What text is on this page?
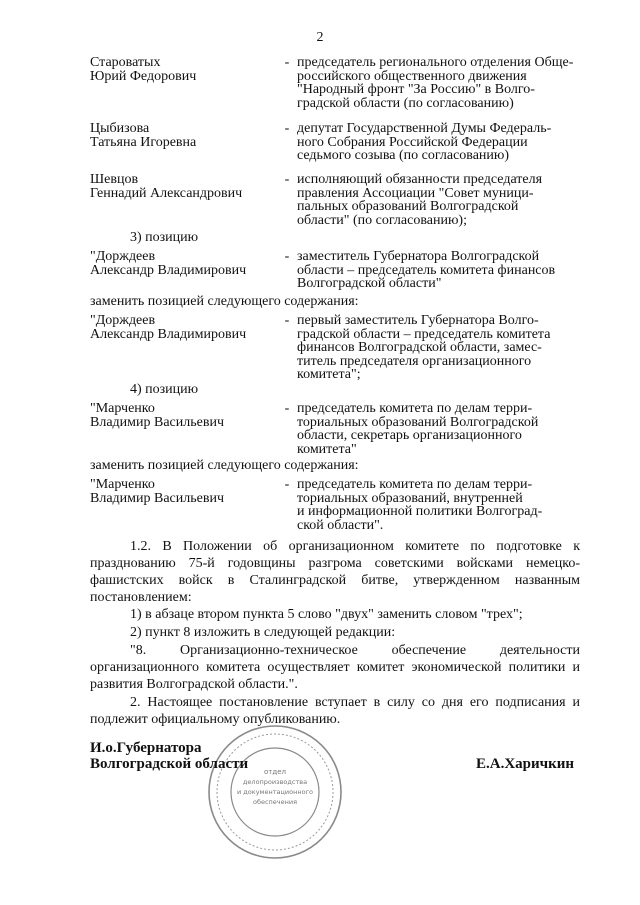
2
Староватых
Юрий Федорович
- председатель регионального отделения Обще-
российского общественного движения
"Народный фронт "За Россию" в Волго-
градской области (по согласованию)
Цыбизова
Татьяна Игоревна
- депутат Государственной Думы Федераль-
ного Собрания Российской Федерации
седьмого созыва (по согласованию)
Шевцов
Геннадий Александрович
- исполняющий обязанности председателя
правления Ассоциации "Совет муници-
пальных образований Волгоградской
области" (по согласованию);
3) позицию
"Дорждеев
Александр Владимирович
- заместитель Губернатора Волгоградской
области – председатель комитета финансов
Волгоградской области"
заменить позицией следующего содержания:
"Дорждеев
Александр Владимирович
- первый заместитель Губернатора Волго-
градской области – председатель комитета
финансов Волгоградской области, замес-
титель председателя организационного
комитета";
4) позицию
"Марченко
Владимир Васильевич
- председатель комитета по делам терри-
ториальных образований Волгоградской
области, секретарь организационного
комитета"
заменить позицией следующего содержания:
"Марченко
Владимир Васильевич
- председатель комитета по делам терри-
ториальных образований, внутренней
и информационной политики Волгоград-
ской области".
1.2. В Положении об организационном комитете по подготовке к празднованию 75-й годовщины разгрома советскими войсками немецко-фашистских войск в Сталинградской битве, утвержденном названным постановлением:
1) в абзаце втором пункта 5 слово "двух" заменить словом "трех";
2) пункт 8 изложить в следующей редакции:
"8. Организационно-техническое обеспечение деятельности организационного комитета осуществляет комитет экономической политики и развития Волгоградской области.".
2. Настоящее постановление вступает в силу со дня его подписания и подлежит официальному опубликованию.
отдел
делопроизводства
и документационного
обеспечения
И.о.Губернатора
Волгоградской области	Е.А.Харичкин
